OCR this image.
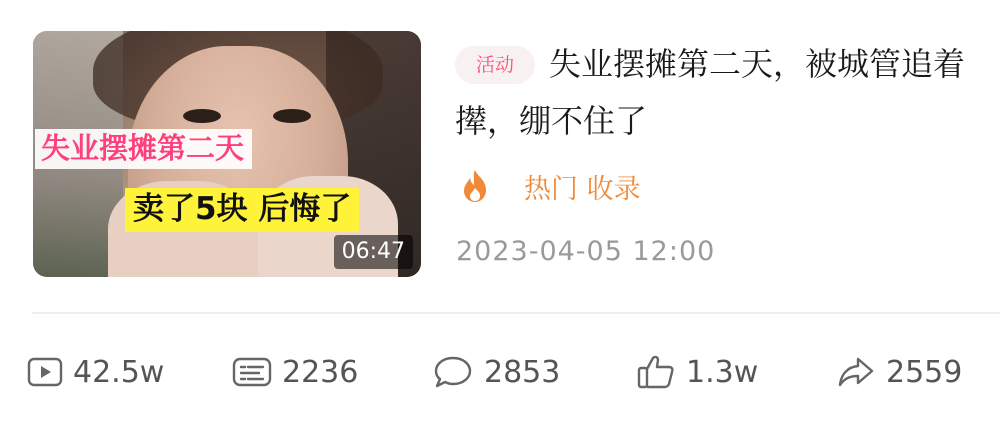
失业摆摊第二天
卖了5块 后悔了
06:47

活动 失业摆摊第二天，被城管追着撵，绷不住了

热门 收录
2023-04-05 12:00
42.5w	2236	2853	1.3w	2559
